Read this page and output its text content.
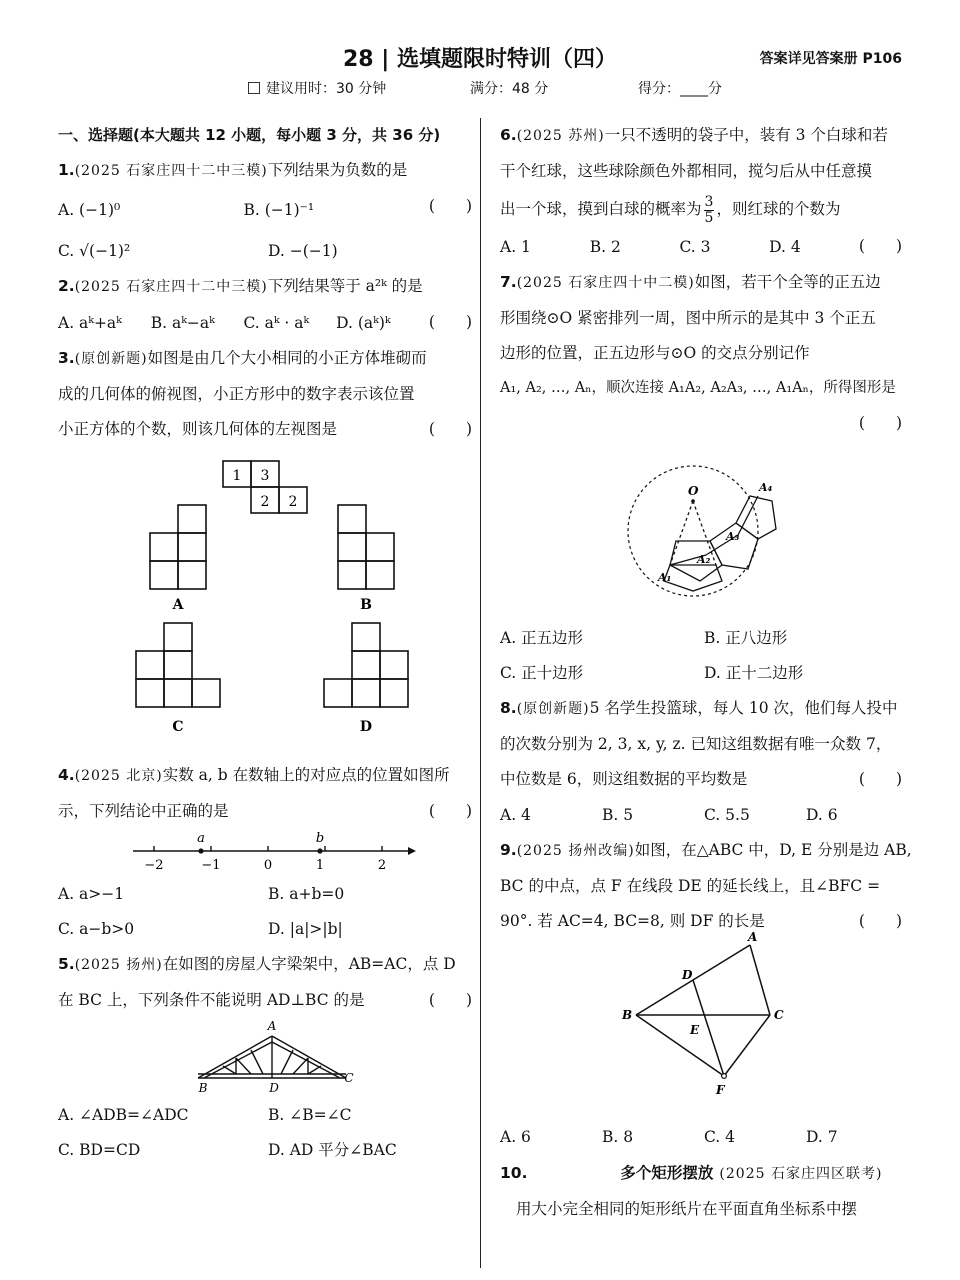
28 | 选填题限时特训（四）	答案详见答案册 P106
建议用时：30 分钟	满分：48 分	得分：____分
一、选择题(本大题共 12 小题，每小题 3 分，共 36 分)
1.(2025 石家庄四十二中三模)下列结果为负数的是
(　　)
A. (−1)⁰	B. (−1)⁻¹
C. √(−1)²	D. −(−1)
2.(2025 石家庄四十二中三模)下列结果等于 a²ᵏ 的是
(　　)
A. aᵏ+aᵏ	B. aᵏ−aᵏ	C. aᵏ · aᵏ	D. (aᵏ)ᵏ
3.(原创新题)如图是由几个大小相同的小正方体堆砌而
成的几何体的俯视图，小正方形中的数字表示该位置
小正方体的个数，则该几何体的左视图是	(　　)
1 3
2 2
A	B
C	D
4.(2025 北京)实数 a, b 在数轴上的对应点的位置如图所
示，下列结论中正确的是	(　　)
−2	−1	0	1	2
a	b
A. a>−1	B. a+b=0
C. a−b>0	D. |a|>|b|
5.(2025 扬州)在如图的房屋人字梁架中，AB=AC，点 D
在 BC 上，下列条件不能说明 AD⊥BC 的是	(　　)
A
B
C
D
A. ∠ADB=∠ADC	B. ∠B=∠C
C. BD=CD	D. AD 平分∠BAC
6.(2025 苏州)一只不透明的袋子中，装有 3 个白球和若
干个红球，这些球除颜色外都相同，搅匀后从中任意摸
出一个球，摸到白球的概率为 $\frac{3}{5}$ ，则红球的个数为
(　　)
A. 1	B. 2	C. 3	D. 4
7.(2025 石家庄四十中二模)如图，若干个全等的正五边
形围绕⊙O 紧密排列一周，图中所示的是其中 3 个正五
边形的位置，正五边形与⊙O 的交点分别记作
A₁, A₂, …, Aₙ，顺次连接 A₁A₂, A₂A₃, …, A₁Aₙ，所得图形是
(　　)
O	A₄
A₃
A₂
A₁
A. 正五边形	B. 正八边形
C. 正十边形	D. 正十二边形
8.(原创新题)5 名学生投篮球，每人 10 次，他们每人投中
的次数分别为 2, 3, x, y, z. 已知这组数据有唯一众数 7，
中位数是 6，则这组数据的平均数是	(　　)
A. 4	B. 5	C. 5.5	D. 6
9.(2025 扬州改编)如图，在△ABC 中，D, E 分别是边 AB,
BC 的中点，点 F 在线段 DE 的延长线上，且∠BFC =
90°. 若 AC=4, BC=8, 则 DF 的长是	(　　)
A
B	C
D
E
F
A. 6	B. 8	C. 4	D. 7
10.	多个矩形摆放 (2025 石家庄四区联考)
用大小完全相同的矩形纸片在平面直角坐标系中摆
